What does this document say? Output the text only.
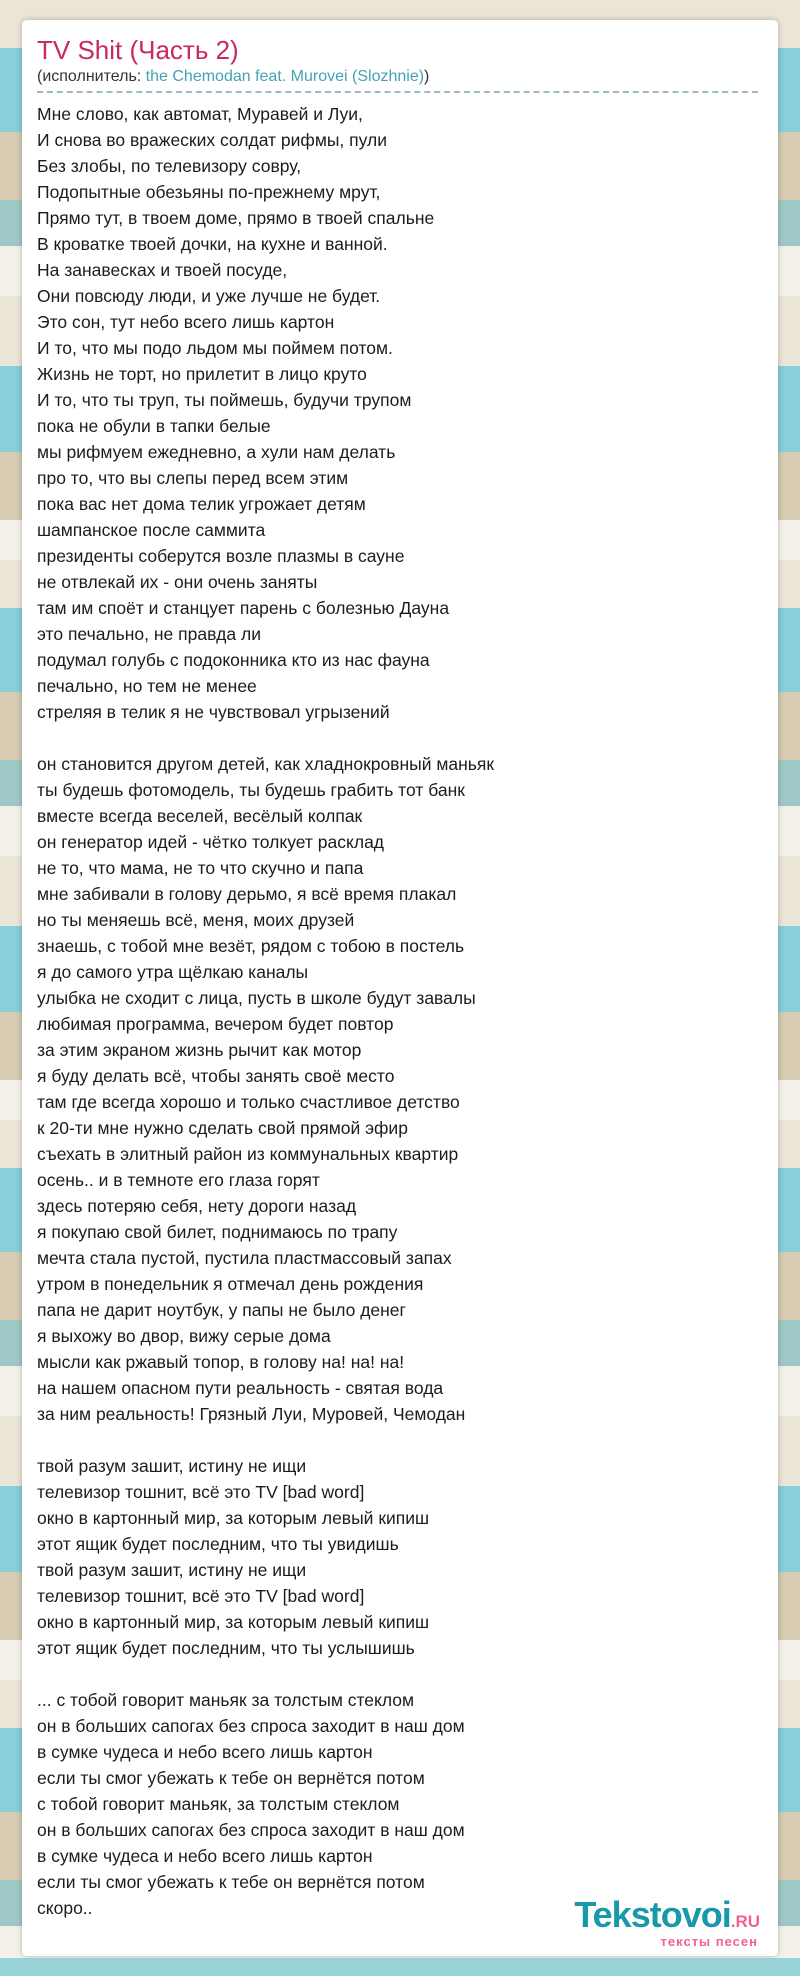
TV Shit (Часть 2)

(исполнитель: the Chemodan feat. Murovei (Slozhnie))

Мне слово, как автомат, Муравей и Луи,

И снова во вражеских солдат рифмы, пули

Без злобы, по телевизору совру,

Подопытные обезьяны по-прежнему мрут,

Прямо тут, в твоем доме, прямо в твоей спальне

В кроватке твоей дочки, на кухне и ванной.

На занавесках и твоей посуде,

Они повсюду люди, и уже лучше не будет.

Это сон, тут небо всего лишь картон

И то, что мы подо льдом мы поймем потом.

Жизнь не торт, но прилетит в лицо круто

И то, что ты труп, ты поймешь, будучи трупом

пока не обули в тапки белые

мы рифмуем ежедневно, а хули нам делать

про то, что вы слепы перед всем этим

пока вас нет дома телик угрожает детям

шампанское после саммита

президенты соберутся возле плазмы в сауне

не отвлекай их - они очень заняты

там им споёт и станцует парень с болезнью Дауна

это печально, не правда ли

подумал голубь с подоконника кто из нас фауна

печально, но тем не менее

стреляя в телик я не чувствовал угрызений

он становится другом детей, как хладнокровный маньяк

ты будешь фотомодель, ты будешь грабить тот банк

вместе всегда веселей, весёлый колпак

он генератор идей - чётко толкует расклад

не то, что мама, не то что скучно и папа

мне забивали в голову дерьмо, я всё время плакал

но ты меняешь всё, меня, моих друзей

знаешь, с тобой мне везёт, рядом с тобою в постель

я до самого утра щёлкаю каналы

улыбка не сходит с лица, пусть в школе будут завалы

любимая программа, вечером будет повтор

за этим экраном жизнь рычит как мотор

я буду делать всё, чтобы занять своё место

там где всегда хорошо и только счастливое детство

к 20-ти мне нужно сделать свой прямой эфир

съехать в элитный район из коммунальных квартир

осень.. и в темноте его глаза горят

здесь потеряю себя, нету дороги назад

я покупаю свой билет, поднимаюсь по трапу

мечта стала пустой, пустила пластмассовый запах

утром в понедельник я отмечал день рождения

папа не дарит ноутбук, у папы не было денег

я выхожу во двор, вижу серые дома

мысли как ржавый топор, в голову на! на! на!

на нашем опасном пути реальность - святая вода

за ним реальность! Грязный Луи, Муровей, Чемодан

твой разум зашит, истину не ищи

телевизор тошнит, всё это TV [bad word]

окно в картонный мир, за которым левый кипиш

этот ящик будет последним, что ты увидишь

твой разум зашит, истину не ищи

телевизор тошнит, всё это TV [bad word]

окно в картонный мир, за которым левый кипиш

этот ящик будет последним, что ты услышишь

... с тобой говорит маньяк за толстым стеклом

он в больших сапогах без спроса заходит в наш дом

в сумке чудеса и небо всего лишь картон

если ты смог убежать к тебе он вернётся потом

с тобой говорит маньяк, за толстым стеклом

он в больших сапогах без спроса заходит в наш дом

в сумке чудеса и небо всего лишь картон

если ты смог убежать к тебе он вернётся потом

скоро..	Tekstovoi.RU
тексты песен
